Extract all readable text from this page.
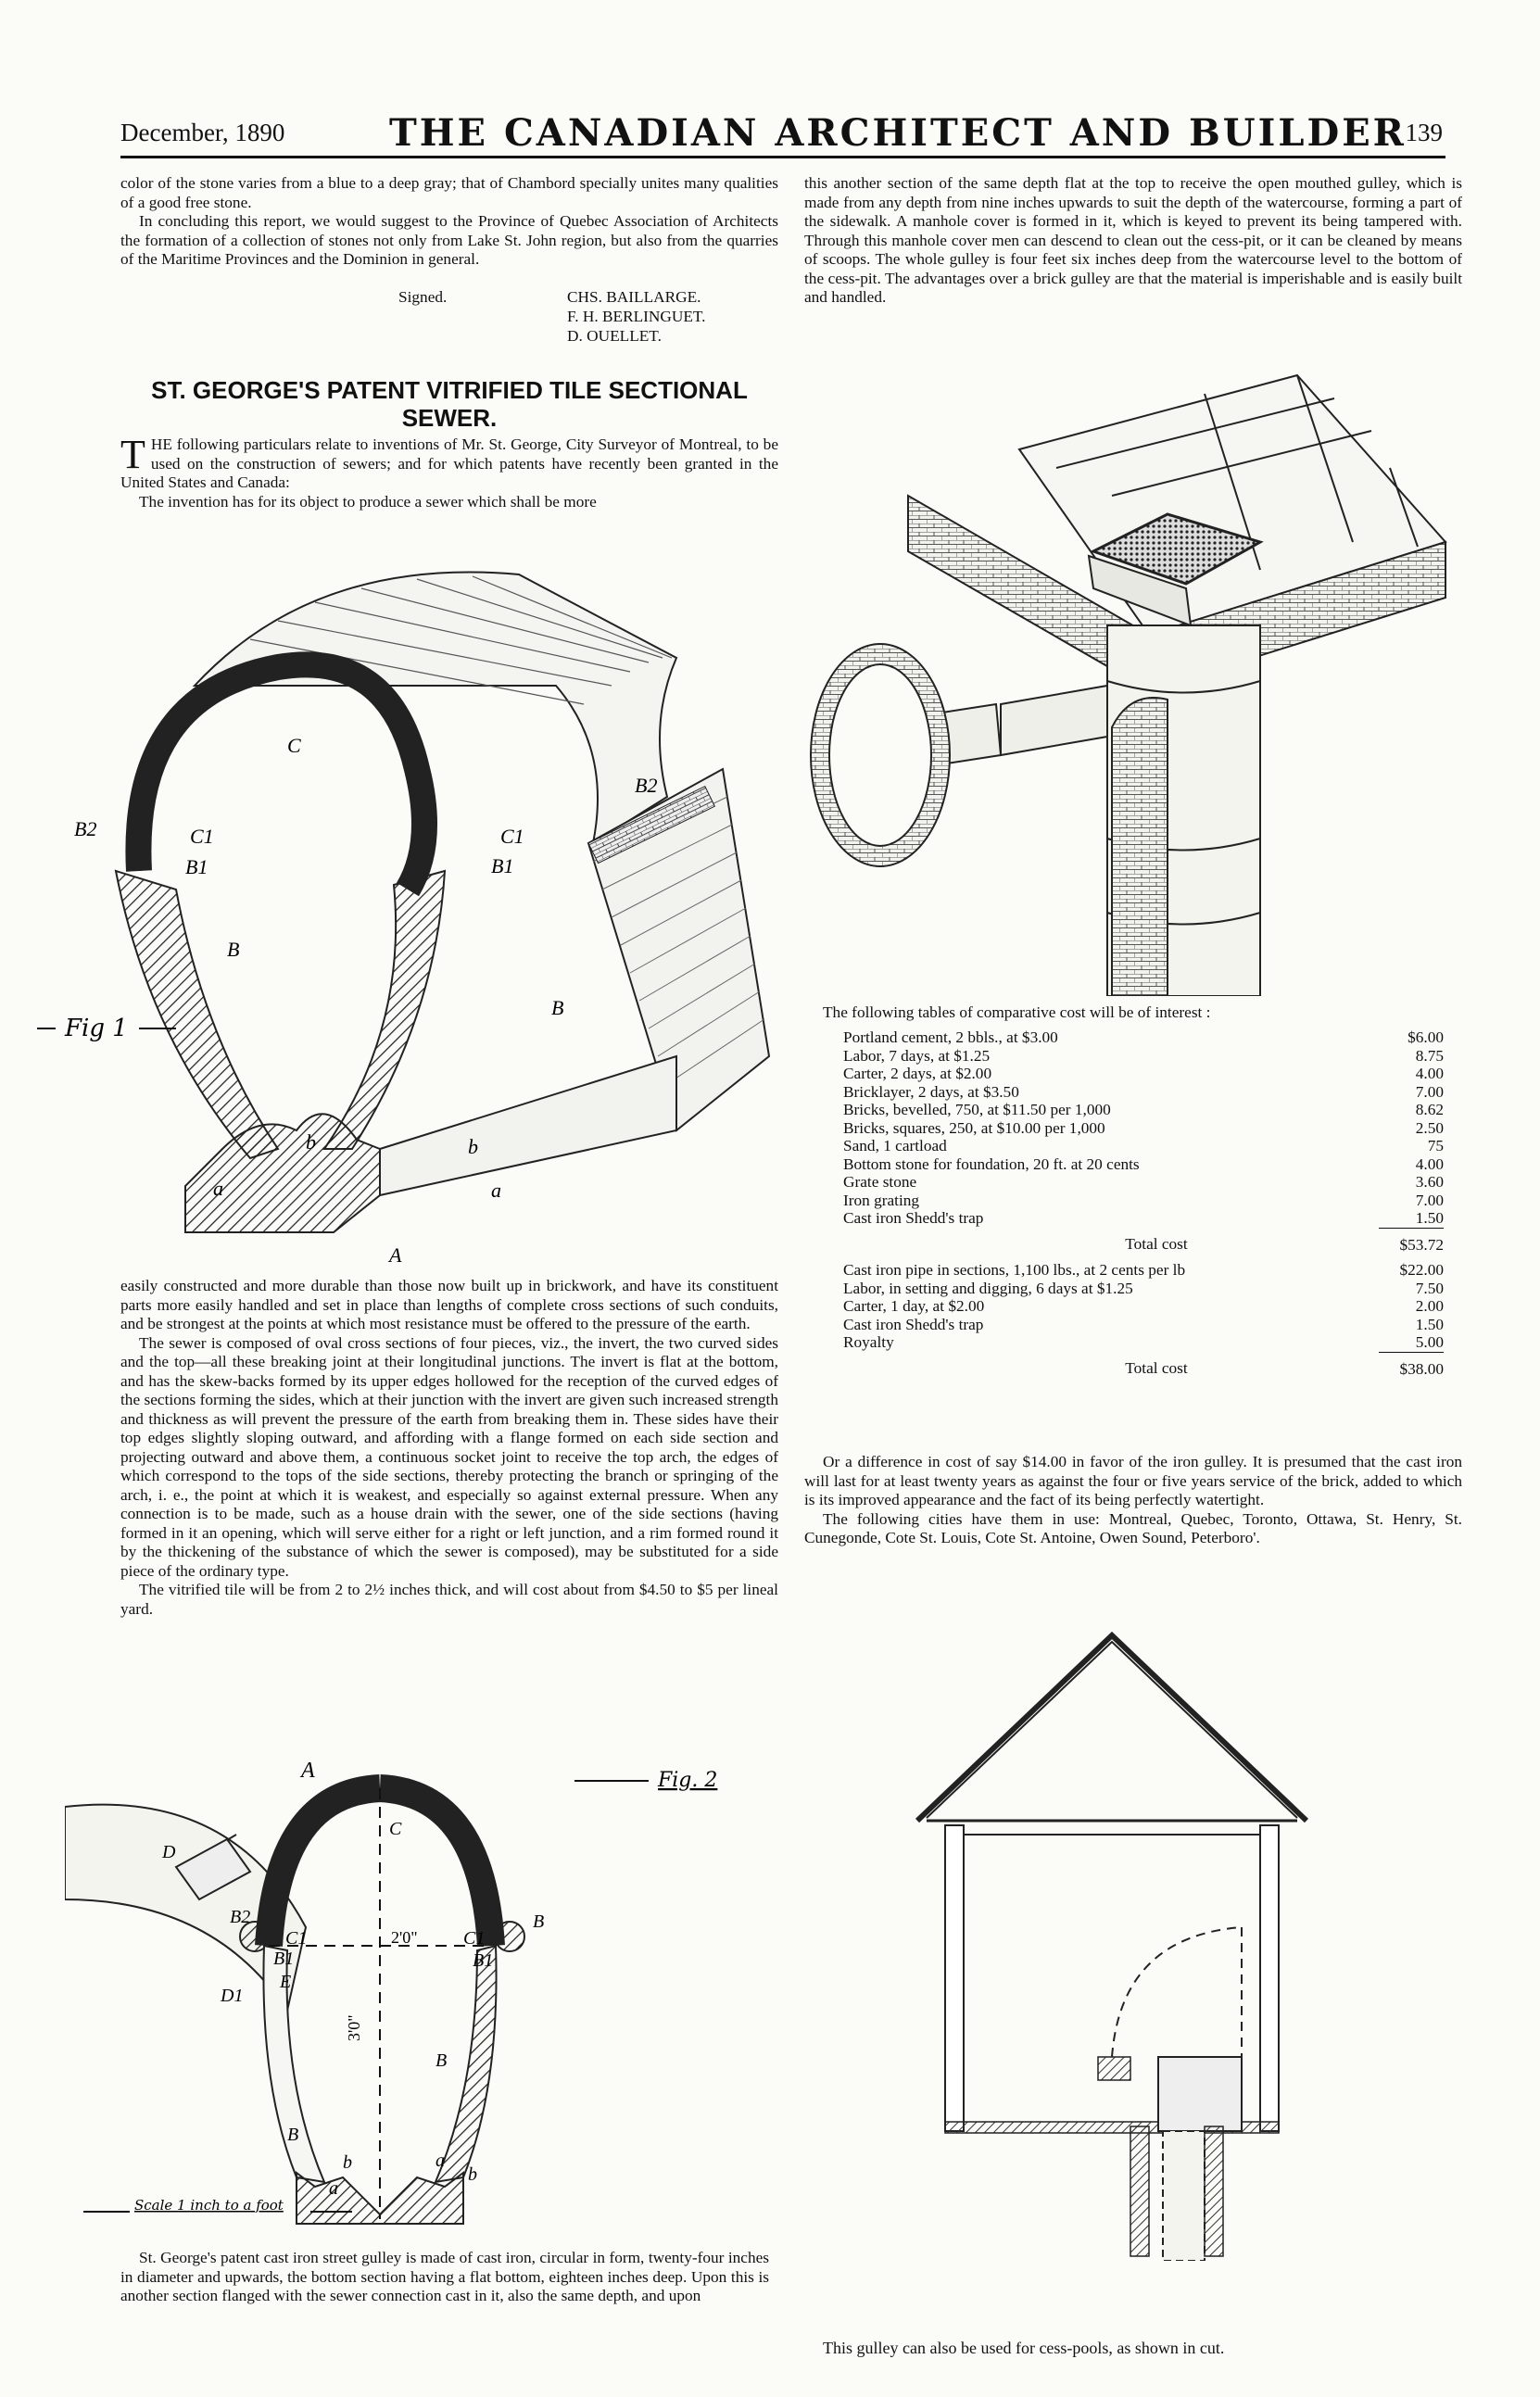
December, 1890	THE CANADIAN ARCHITECT AND BUILDER
139

color of the stone varies from a blue to a deep gray; that of Chambord specially unites many qualities of a good free stone.

In concluding this report, we would suggest to the Province of Quebec Association of Architects the formation of a collection of stones not only from Lake St. John region, but also from the quarries of the Maritime Provinces and the Dominion in general.

Signed.	CHS. BAILLARGE.
F. H. BERLINGUET.
D. OUELLET.
ST. GEORGE'S PATENT VITRIFIED TILE SECTIONAL SEWER.

THE following particulars relate to inventions of Mr. St. George, City Surveyor of Montreal, to be used on the construction of sewers; and for which patents have recently been granted in the United States and Canada:

The invention has for its object to produce a sewer which shall be more

Fig 1
C
B2	C1	C1
B1	B1
B2
B
B
b	b
a	a
A

easily constructed and more durable than those now built up in brickwork, and have its constituent parts more easily handled and set in place than lengths of complete cross sections of such conduits, and be strongest at the points at which most resistance must be offered to the pressure of the earth.

The sewer is composed of oval cross sections of four pieces, viz., the invert, the two curved sides and the top—all these breaking joint at their longitudinal junctions. The invert is flat at the bottom, and has the skew-backs formed by its upper edges hollowed for the reception of the curved edges of the sections forming the sides, which at their junction with the invert are given such increased strength and thickness as will prevent the pressure of the earth from breaking them in. These sides have their top edges slightly sloping outward, and affording with a flange formed on each side section and projecting outward and above them, a continuous socket joint to receive the top arch, the edges of which correspond to the tops of the side sections, thereby protecting the branch or springing of the arch, i. e., the point at which it is weakest, and especially so against external pressure. When any connection is to be made, such as a house drain with the sewer, one of the side sections (having formed in it an opening, which will serve either for a right or left junction, and a rim formed round it by the thickening of the substance of which the sewer is composed), may be substituted for a side piece of the ordinary type.

The vitrified tile will be from 2 to 2½ inches thick, and will cost about from $4.50 to $5 per lineal yard.

A	Fig. 2
2'0"
3'0"
C
D
B2
C1	C1
B
B1	B1
E
D1
B
B
b
a
a
b
Scale 1 inch to a foot

St. George's patent cast iron street gulley is made of cast iron, circular in form, twenty-four inches in diameter and upwards, the bottom section having a flat bottom, eighteen inches deep. Upon this is another section flanged with the sewer connection cast in it, also the same depth, and upon

this another section of the same depth flat at the top to receive the open mouthed gulley, which is made from any depth from nine inches upwards to suit the depth of the watercourse, forming a part of the sidewalk. A manhole cover is formed in it, which is keyed to prevent its being tampered with. Through this manhole cover men can descend to clean out the cess-pit, or it can be cleaned by means of scoops. The whole gulley is four feet six inches deep from the watercourse level to the bottom of the cess-pit. The advantages over a brick gulley are that the material is imperishable and is easily built and handled.

The following tables of comparative cost will be of interest :

Portland cement, 2 bbls., at $3.00	$6.00
Labor, 7 days, at $1.25	8.75
Carter, 2 days, at $2.00	4.00
Bricklayer, 2 days, at $3.50	7.00
Bricks, bevelled, 750, at $11.50 per 1,000	8.62
Bricks, squares, 250, at $10.00 per 1,000	2.50
Sand, 1 cartload	75
Bottom stone for foundation, 20 ft. at 20 cents	4.00
Grate stone	3.60
Iron grating	7.00
Cast iron Shedd's trap	1.50
Total cost	$53.72
Cast iron pipe in sections, 1,100 lbs., at 2 cents per lb	$22.00
Labor, in setting and digging, 6 days at $1.25	7.50
Carter, 1 day, at $2.00	2.00
Cast iron Shedd's trap	1.50
Royalty	5.00
Total cost	$38.00

Or a difference in cost of say $14.00 in favor of the iron gulley. It is presumed that the cast iron will last for at least twenty years as against the four or five years service of the brick, added to which is its improved appearance and the fact of its being perfectly watertight.

The following cities have them in use: Montreal, Quebec, Toronto, Ottawa, St. Henry, St. Cunegonde, Cote St. Louis, Cote St. Antoine, Owen Sound, Peterboro'.

This gulley can also be used for cess-pools, as shown in cut.
